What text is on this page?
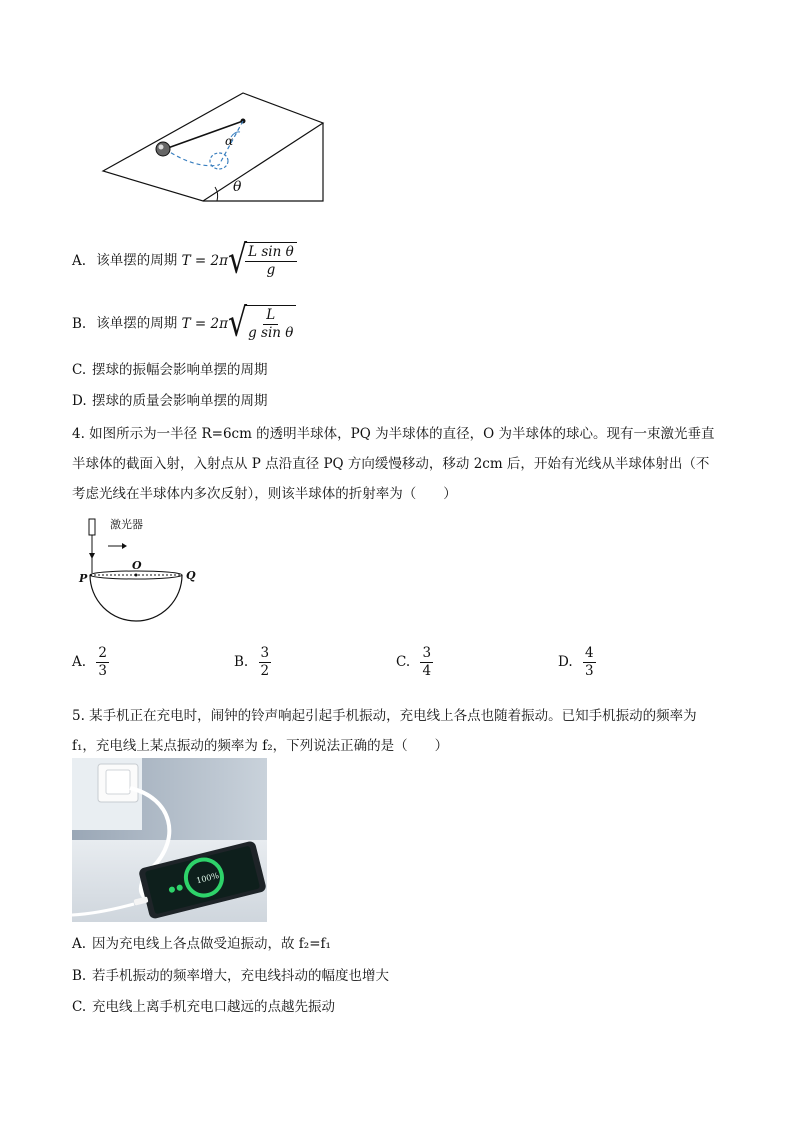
α
θ
A. 该单摆的周期 T = 2π √ L sin θ
g
B. 该单摆的周期 T = 2π √ L
g sin θ
C. 摆球的振幅会影响单摆的周期
D. 摆球的质量会影响单摆的周期
4. 如图所示为一半径 R=6cm 的透明半球体，PQ 为半球体的直径，O 为半球体的球心。现有一束激光垂直
半球体的截面入射，入射点从 P 点沿直径 PQ 方向缓慢移动，移动 2cm 后，开始有光线从半球体射出（不
考虑光线在半球体内多次反射），则该半球体的折射率为（　　）
激光器
O
P	Q
A. $\frac{2}{3}$	B. $\frac{3}{2}$	C. $\frac{3}{4}$	D. $\frac{4}{3}$
5. 某手机正在充电时，闹钟的铃声响起引起手机振动，充电线上各点也随着振动。已知手机振动的频率为
f₁，充电线上某点振动的频率为 f₂，下列说法正确的是（　　）
100%
A. 因为充电线上各点做受迫振动，故 f₂=f₁
B. 若手机振动的频率增大，充电线抖动的幅度也增大
C. 充电线上离手机充电口越远的点越先振动
